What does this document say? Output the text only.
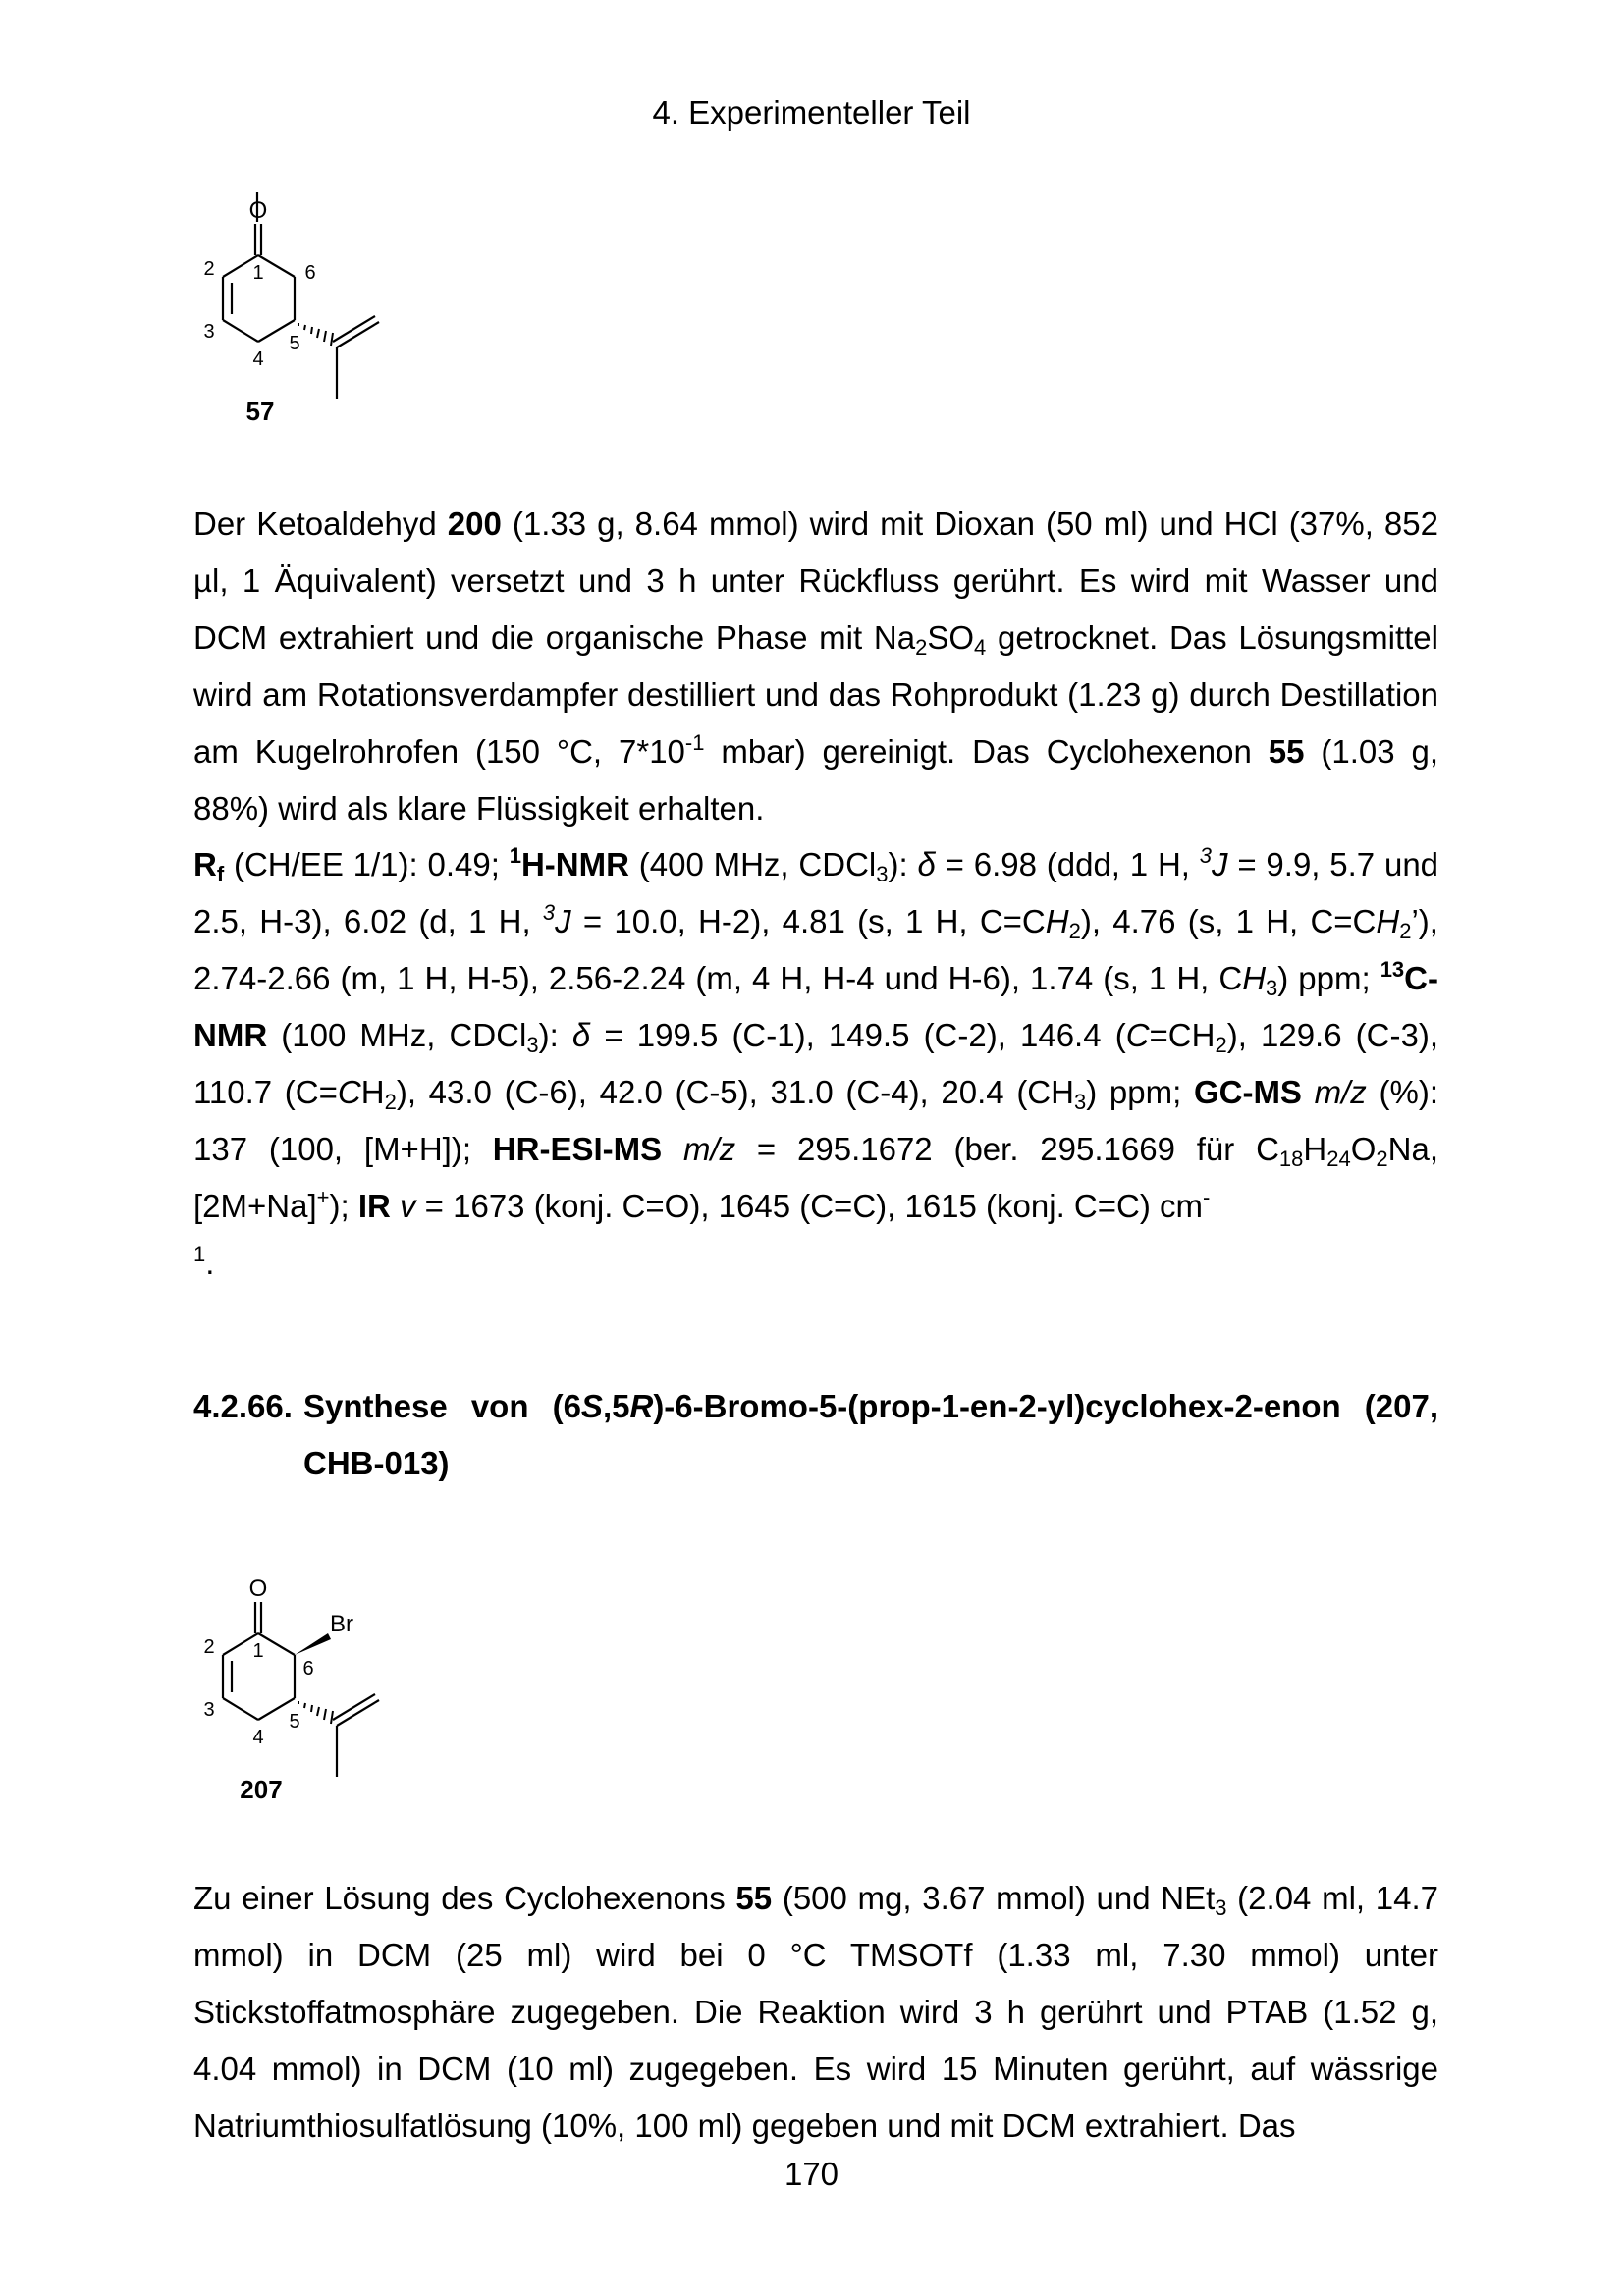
4. Experimenteller Teil
O
2 1 6
3
5
4
57

Der Ketoaldehyd 200 (1.33 g, 8.64 mmol) wird mit Dioxan (50 ml) und HCl (37%, 852 µl, 1 Äquivalent) versetzt und 3 h unter Rückfluss gerührt. Es wird mit Wasser und DCM extrahiert und die organische Phase mit $Na_2SO_4$ getrocknet. Das Lösungsmittel wird am Rotationsverdampfer destilliert und das Rohprodukt (1.23 g) durch Destillation am Kugelrohrofen (150 °C, $7*10^{-1}$ mbar) gereinigt. Das Cyclohexenon 55 (1.03 g, 88%) wird als klare Flüssigkeit erhalten.

$R_f$ (CH/EE 1/1): 0.49; $^1$H-NMR (400 MHz, CDCl$_3$): δ = 6.98 (ddd, 1 H, $^3$J = 9.9, 5.7 und 2.5, H-3), 6.02 (d, 1 H, $^3$J = 10.0, H-2), 4.81 (s, 1 H, $C=CH_2$), 4.76 (s, 1 H, $C=CH_2$’), 2.74-2.66 (m, 1 H, H-5), 2.56-2.24 (m, 4 H, H-4 und H-6), 1.74 (s, 1 H, $CH_3$) ppm; $^{13}$C-NMR (100 MHz, CDCl$_3$): δ = 199.5 (C-1), 149.5 (C-2), 146.4 $(C=CH_2)$, 129.6 (C-3), 110.7 $(C=CH_2)$, 43.0 (C-6), 42.0 (C-5), 31.0 (C-4), 20.4 $(CH_3)$ ppm; GC-MS m/z (%): 137 (100, [M+H]); HR-ESI-MS m/z = 295.1672 (ber. 295.1669 für $C_{18}H_{24}O_2Na$, [2M+Na]+); IR v = 1673 (konj. C=O), 1645 (C=C), 1615 (konj. C=C) cm-
$^1$.

4.2.66. Synthese von (6S,5R)-6-Bromo-5-(prop-1-en-2-yl)cyclohex-2-enon (207, CHB-013)
O
Br
2 1
6
3
5
4
207

Zu einer Lösung des Cyclohexenons 55 (500 mg, 3.67 mmol) und NEt$_3$ (2.04 ml, 14.7 mmol) in DCM (25 ml) wird bei 0 °C TMSOTf (1.33 ml, 7.30 mmol) unter Stickstoffatmosphäre zugegeben. Die Reaktion wird 3 h gerührt und PTAB (1.52 g, 4.04 mmol) in DCM (10 ml) zugegeben. Es wird 15 Minuten gerührt, auf wässrige Natriumthiosulfatlösung (10%, 100 ml) gegeben und mit DCM extrahiert. Das

170
